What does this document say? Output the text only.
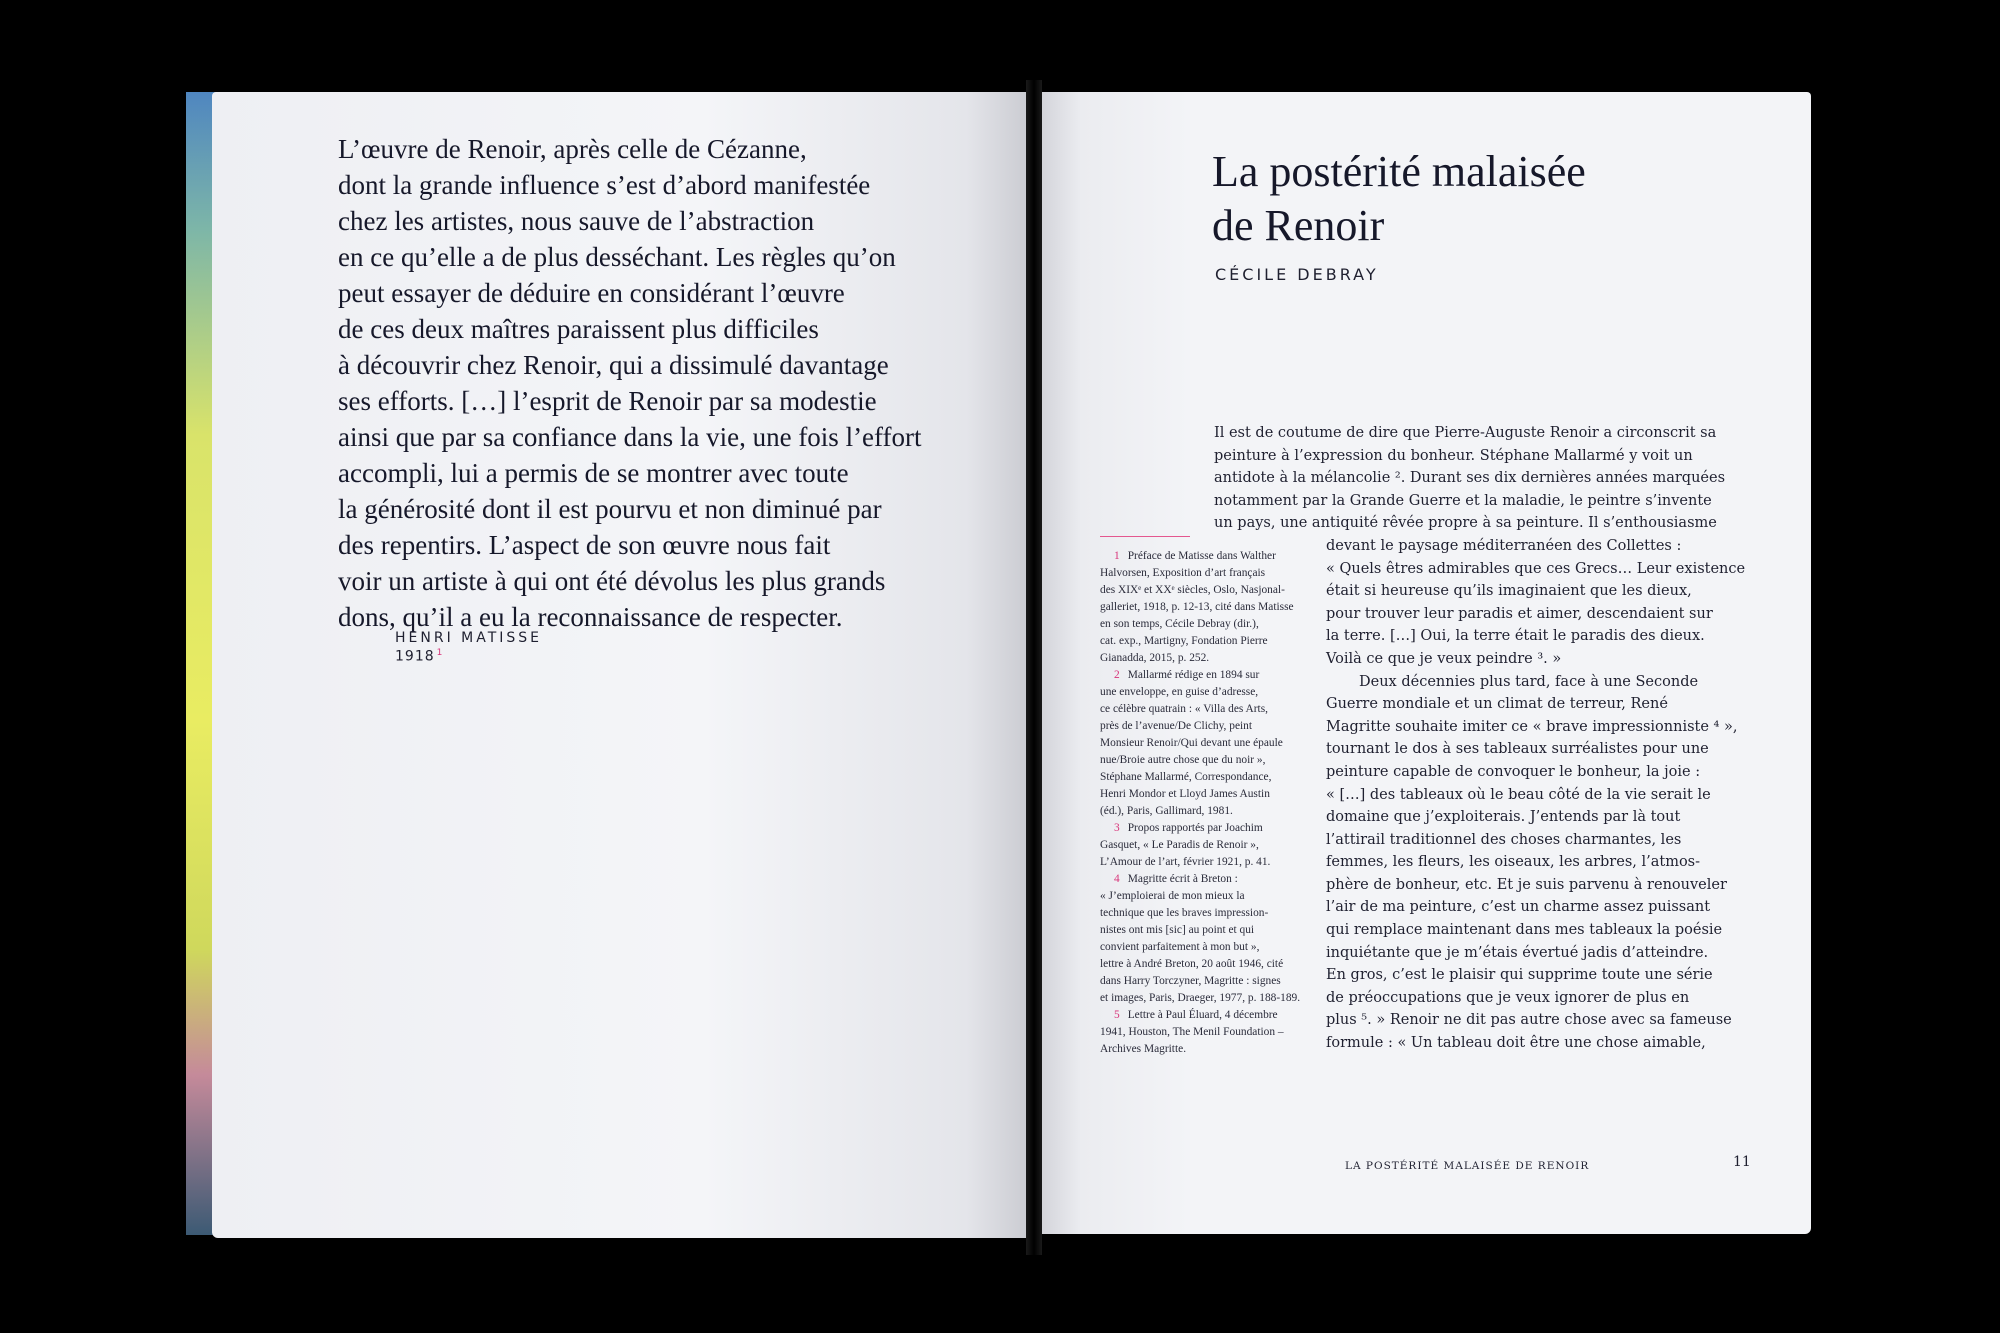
L’œuvre de Renoir, après celle de Cézanne,
dont la grande influence s’est d’abord manifestée
chez les artistes, nous sauve de l’abstraction
en ce qu’elle a de plus desséchant. Les règles qu’on
peut essayer de déduire en considérant l’œuvre
de ces deux maîtres paraissent plus difficiles
à découvrir chez Renoir, qui a dissimulé davantage
ses efforts. […] l’esprit de Renoir par sa modestie
ainsi que par sa confiance dans la vie, une fois l’effort
accompli, lui a permis de se montrer avec toute
la générosité dont il est pourvu et non diminué par
des repentirs. L’aspect de son œuvre nous fait
voir un artiste à qui ont été dévolus les plus grands
dons, qu’il a eu la reconnaissance de respecter.
HENRI MATISSE
1918 $^1$
La postérité malaisée
de Renoir
CÉCILE DEBRAY
1 Préface de Matisse dans Walther
Halvorsen, Exposition d’art français
des XIXᵉ et XXᵉ siècles, Oslo, Nasjonal-
galleriet, 1918, p. 12-13, cité dans Matisse
en son temps, Cécile Debray (dir.),
cat. exp., Martigny, Fondation Pierre
Gianadda, 2015, p. 252.
2 Mallarmé rédige en 1894 sur
une enveloppe, en guise d’adresse,
ce célèbre quatrain : « Villa des Arts,
près de l’avenue/De Clichy, peint
Monsieur Renoir/Qui devant une épaule
nue/Broie autre chose que du noir »,
Stéphane Mallarmé, Correspondance,
Henri Mondor et Lloyd James Austin
(éd.), Paris, Gallimard, 1981.
3 Propos rapportés par Joachim
Gasquet, « Le Paradis de Renoir »,
L’Amour de l’art, février 1921, p. 41.
4 Magritte écrit à Breton :
« J’emploierai de mon mieux la
technique que les braves impression-
nistes ont mis [sic] au point et qui
convient parfaitement à mon but »,
lettre à André Breton, 20 août 1946, cité
dans Harry Torczyner, Magritte : signes
et images, Paris, Draeger, 1977, p. 188-189.
5 Lettre à Paul Éluard, 4 décembre
1941, Houston, The Menil Foundation –
Archives Magritte.
Il est de coutume de dire que Pierre-Auguste Renoir a circonscrit sa
peinture à l’expression du bonheur. Stéphane Mallarmé y voit un
antidote à la mélancolie ². Durant ses dix dernières années marquées
notamment par la Grande Guerre et la maladie, le peintre s’invente
un pays, une antiquité rêvée propre à sa peinture. Il s’enthousiasme
devant le paysage méditerranéen des Collettes :
« Quels êtres admirables que ces Grecs… Leur existence
était si heureuse qu’ils imaginaient que les dieux,
pour trouver leur paradis et aimer, descendaient sur
la terre. […] Oui, la terre était le paradis des dieux.
Voilà ce que je veux peindre ³. »
Deux décennies plus tard, face à une Seconde
Guerre mondiale et un climat de terreur, René
Magritte souhaite imiter ce « brave impressionniste ⁴ »,
tournant le dos à ses tableaux surréalistes pour une
peinture capable de convoquer le bonheur, la joie :
« […] des tableaux où le beau côté de la vie serait le
domaine que j’exploiterais. J’entends par là tout
l’attirail traditionnel des choses charmantes, les
femmes, les fleurs, les oiseaux, les arbres, l’atmos-
phère de bonheur, etc. Et je suis parvenu à renouveler
l’air de ma peinture, c’est un charme assez puissant
qui remplace maintenant dans mes tableaux la poésie
inquiétante que je m’étais évertué jadis d’atteindre.
En gros, c’est le plaisir qui supprime toute une série
de préoccupations que je veux ignorer de plus en
plus ⁵. » Renoir ne dit pas autre chose avec sa fameuse
formule : « Un tableau doit être une chose aimable,
LA POSTÉRITÉ MALAISÉE DE RENOIR	11
